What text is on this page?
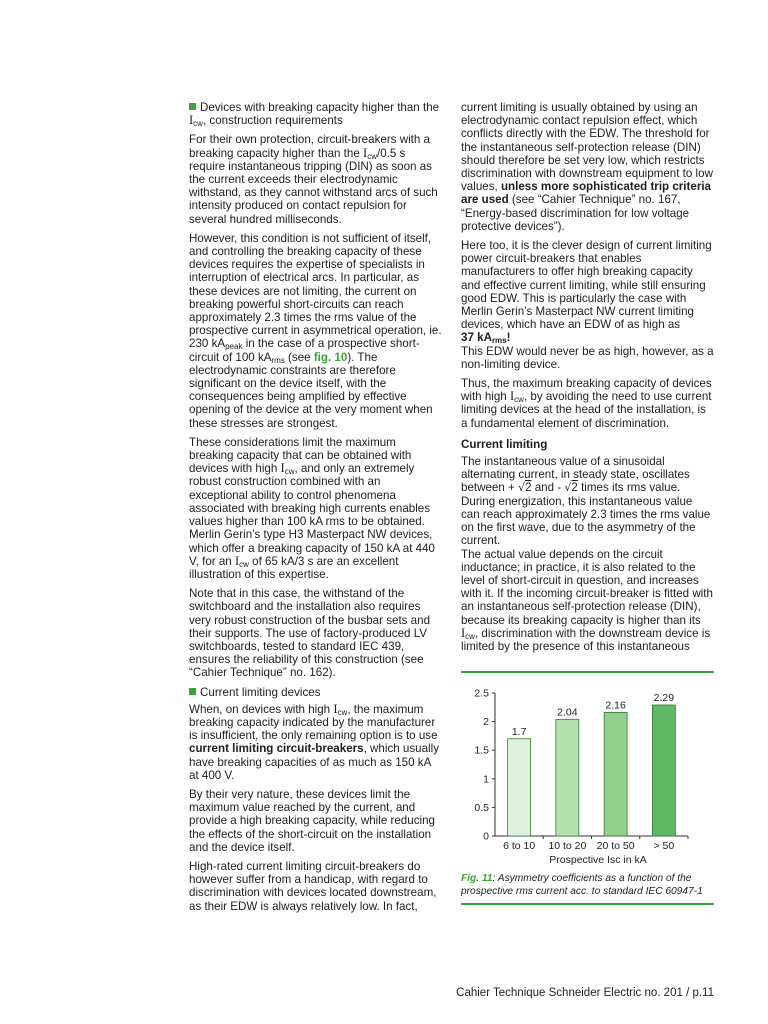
Devices with breaking capacity higher than the $I_{cw}$, construction requirements

For their own protection, circuit-breakers with a breaking capacity higher than the $I_{cw}/0.5$ s require instantaneous tripping (DIN) as soon as the current exceeds their electrodynamic withstand, as they cannot withstand arcs of such intensity produced on contact repulsion for several hundred milliseconds.

However, this condition is not sufficient of itself, and controlling the breaking capacity of these devices requires the expertise of specialists in interruption of electrical arcs. In particular, as these devices are not limiting, the current on breaking powerful short-circuits can reach approximately 2.3 times the rms value of the prospective current in asymmetrical operation, ie. 230 $kA_{peak}$ in the case of a prospective short-circuit of 100 $kA_{rms}$ (see fig. 10). The electrodynamic constraints are therefore significant on the device itself, with the consequences being amplified by effective opening of the device at the very moment when these stresses are strongest.

These considerations limit the maximum breaking capacity that can be obtained with devices with high $I_{cw}$, and only an extremely robust construction combined with an exceptional ability to control phenomena associated with breaking high currents enables values higher than 100 kA rms to be obtained. Merlin Gerin’s type H3 Masterpact NW devices, which offer a breaking capacity of 150 kA at 440 V, for an $I_{cw}$ of 65 kA/3 s are an excellent illustration of this expertise.

Note that in this case, the withstand of the switchboard and the installation also requires very robust construction of the busbar sets and their supports. The use of factory-produced LV switchboards, tested to standard IEC 439, ensures the reliability of this construction (see “Cahier Technique” no. 162).

Current limiting devices

When, on devices with high $I_{cw}$, the maximum breaking capacity indicated by the manufacturer is insufficient, the only remaining option is to use current limiting circuit-breakers, which usually have breaking capacities of as much as 150 kA at 400 V.

By their very nature, these devices limit the maximum value reached by the current, and provide a high breaking capacity, while reducing the effects of the short-circuit on the installation and the device itself.

High-rated current limiting circuit-breakers do however suffer from a handicap, with regard to discrimination with devices located downstream, as their EDW is always relatively low. In fact,

current limiting is usually obtained by using an electrodynamic contact repulsion effect, which conflicts directly with the EDW. The threshold for the instantaneous self-protection release (DIN) should therefore be set very low, which restricts discrimination with downstream equipment to low values, unless more sophisticated trip criteria are used (see “Cahier Technique” no. 167, “Energy-based discrimination for low voltage protective devices”).

Here too, it is the clever design of current limiting power circuit-breakers that enables manufacturers to offer high breaking capacity and effective current limiting, while still ensuring good EDW. This is particularly the case with Merlin Gerin’s Masterpact NW current limiting devices, which have an EDW of as high as
37 $kA_{rms}$!
This EDW would never be as high, however, as a non-limiting device.

Thus, the maximum breaking capacity of devices with high $I_{cw}$, by avoiding the need to use current limiting devices at the head of the installation, is a fundamental element of discrimination.

Current limiting

The instantaneous value of a sinusoidal alternating current, in steady state, oscillates between + √2 and - √2 times its rms value. During energization, this instantaneous value can reach approximately 2.3 times the rms value on the first wave, due to the asymmetry of the current.

The actual value depends on the circuit inductance; in practice, it is also related to the level of short-circuit in question, and increases with it. If the incoming circuit-breaker is fitted with an instantaneous self-protection release (DIN), because its breaking capacity is higher than its $I_{cw}$, discrimination with the downstream device is limited by the presence of this instantaneous

0
0.5
1
1.5
2
2.5
1.7
6 to 10
2.04
10 to 20
2.16
20 to 50
2.29
> 50
Prospective Isc in kA
Fig. 11: Asymmetry coefficients as a function of the prospective rms current acc. to standard IEC 60947-1
Cahier Technique Schneider Electric no. 201 / p.11
